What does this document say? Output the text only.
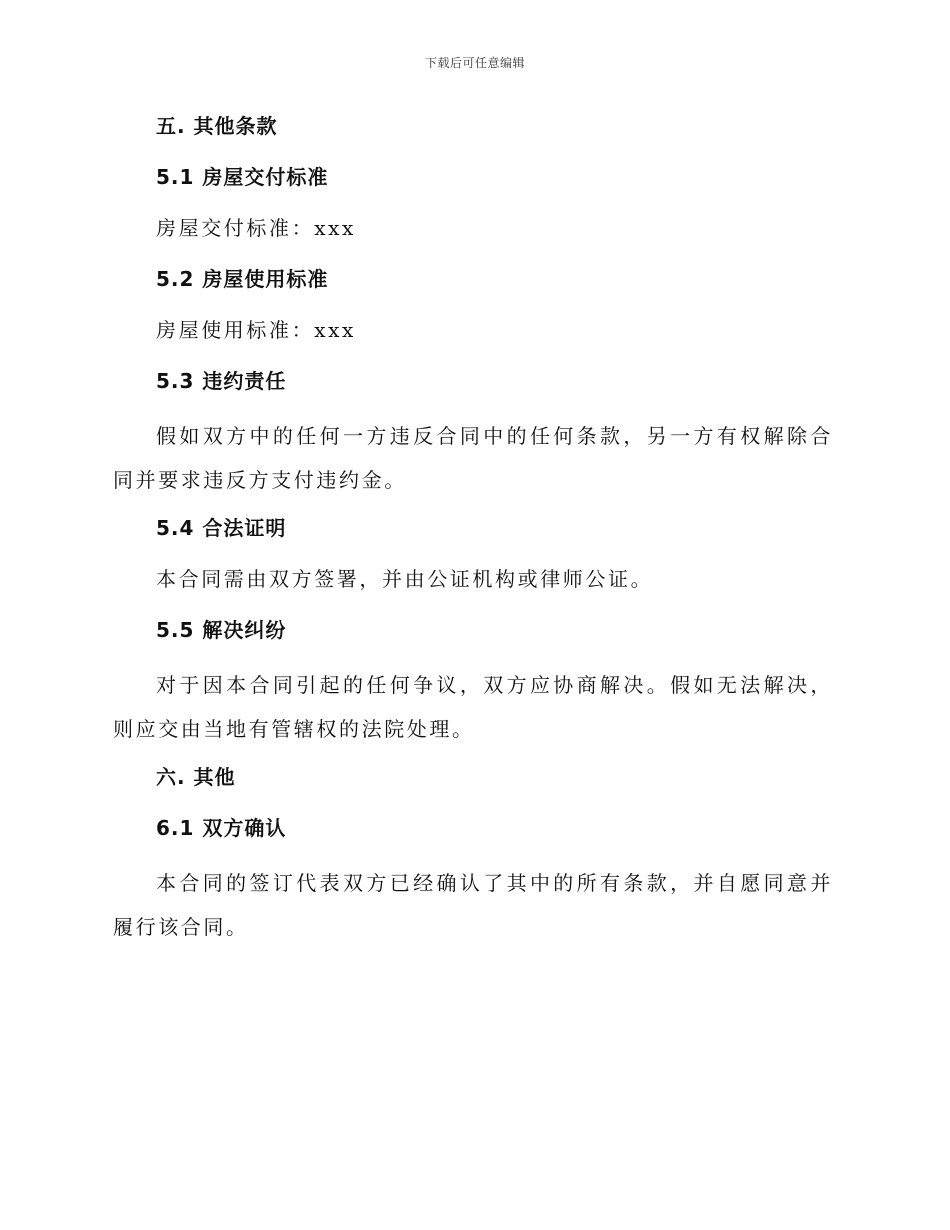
下载后可任意编辑
五. 其他条款
5.1 房屋交付标准
房屋交付标准：xxx
5.2 房屋使用标准
房屋使用标准：xxx
5.3 违约责任
假如双方中的任何一方违反合同中的任何条款，另一方有权解除合同并要求违反方支付违约金。
5.4 合法证明
本合同需由双方签署，并由公证机构或律师公证。
5.5 解决纠纷
对于因本合同引起的任何争议，双方应协商解决。假如无法解决，则应交由当地有管辖权的法院处理。
六. 其他
6.1 双方确认
本合同的签订代表双方已经确认了其中的所有条款，并自愿同意并履行该合同。
